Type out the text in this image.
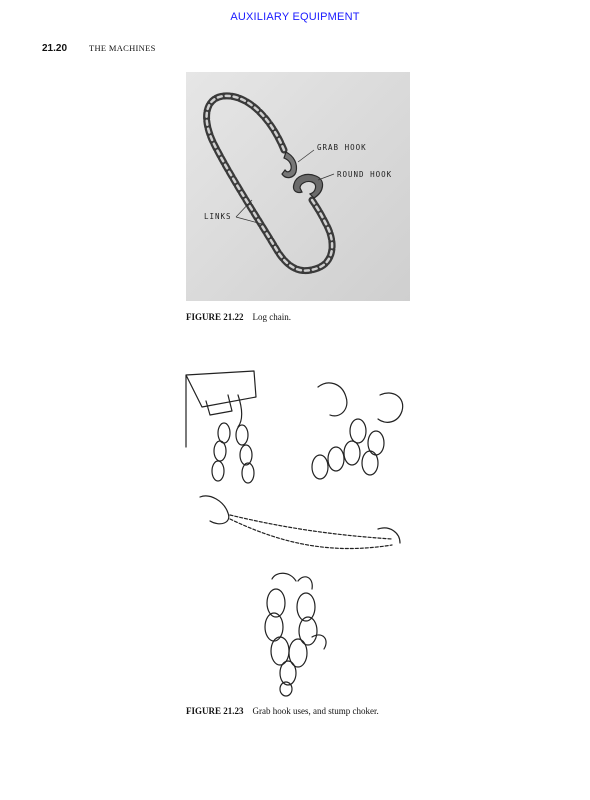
AUXILIARY EQUIPMENT
21.20	THE MACHINES
GRAB HOOK
ROUND HOOK
LINKS
FIGURE 21.22 Log chain.
FIGURE 21.23 Grab hook uses, and stump choker.
